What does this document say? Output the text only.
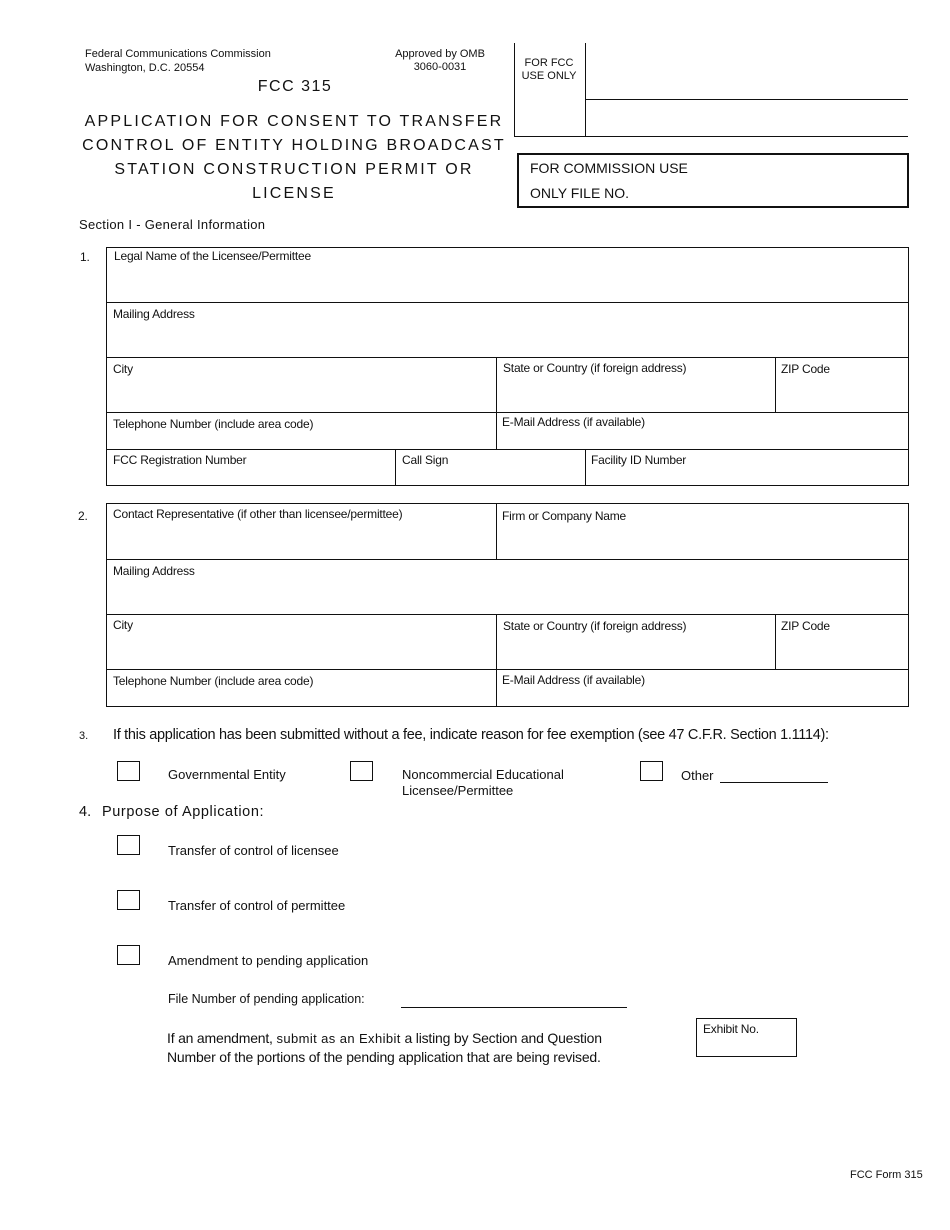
Federal Communications Commission
Washington, D.C. 20554
Approved by OMB
3060-0031
FCC 315
APPLICATION FOR CONSENT TO TRANSFER CONTROL OF ENTITY HOLDING BROADCAST STATION CONSTRUCTION PERMIT OR LICENSE
FOR FCC USE ONLY
FOR COMMISSION USE
ONLY FILE NO.
Section I - General Information
1. Legal Name of the Licensee/Permittee
Mailing Address
City	State or Country (if foreign address)	ZIP Code
Telephone Number (include area code)	E-Mail Address (if available)
FCC Registration Number	Call Sign	Facility ID Number
2. Contact Representative (if other than licensee/permittee)	Firm or Company Name
Mailing Address
City	State or Country (if foreign address)	ZIP Code
Telephone Number (include area code)	E-Mail Address (if available)
3. If this application has been submitted without a fee, indicate reason for fee exemption (see 47 C.F.R. Section 1.1114):
Governmental Entity	Noncommercial Educational
Licensee/Permittee
Other
4. Purpose of Application:
Transfer of control of licensee
Transfer of control of permittee
Amendment to pending application
File Number of pending application:
If an amendment, submit as an Exhibit a listing by Section and Question
Number of the portions of the pending application that are being revised.
Exhibit No.
FCC Form 315
